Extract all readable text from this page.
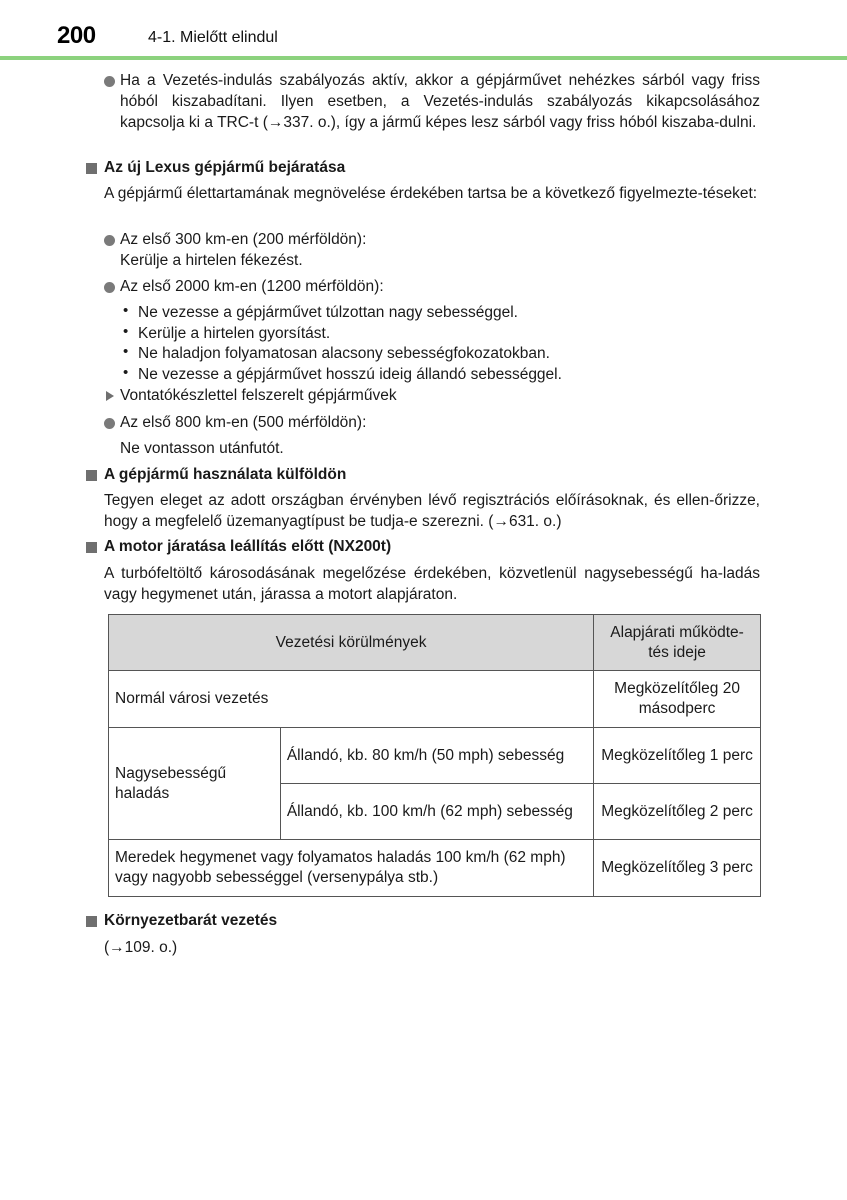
200	4-1. Mielőtt elindul
Ha a Vezetés-indulás szabályozás aktív, akkor a gépjárművet nehézkes sárból vagy friss hóból kiszabadítani. Ilyen esetben, a Vezetés-indulás szabályozás kikapcsolásához kapcsolja ki a TRC-t (→337. o.), így a jármű képes lesz sárból vagy friss hóból kiszaba-dulni.
Az új Lexus gépjármű bejáratása
A gépjármű élettartamának megnövelése érdekében tartsa be a következő figyelmezte-téseket:
Az első 300 km-en (200 mérföldön):
Kerülje a hirtelen fékezést.
Az első 2000 km-en (1200 mérföldön):
• Ne vezesse a gépjárművet túlzottan nagy sebességgel.
• Kerülje a hirtelen gyorsítást.
• Ne haladjon folyamatosan alacsony sebességfokozatokban.
• Ne vezesse a gépjárművet hosszú ideig állandó sebességgel.
Vontatókészlettel felszerelt gépjárművek
Az első 800 km-en (500 mérföldön):
Ne vontasson utánfutót.
A gépjármű használata külföldön
Tegyen eleget az adott országban érvényben lévő regisztrációs előírásoknak, és ellen-őrizze, hogy a megfelelő üzemanyagtípust be tudja-e szerezni. (→631. o.)
A motor járatása leállítás előtt (NX200t)
A turbófeltöltő károsodásának megelőzése érdekében, közvetlenül nagysebességű ha-ladás vagy hegymenet után, járassa a motort alapjáraton.
Vezetési körülmények		Alapjárati működte-tés ideje
Normál városi vezetés		Megközelítőleg 20 másodperc
Nagysebességű haladás	Állandó, kb. 80 km/h (50 mph) sebesség	Megközelítőleg 1 perc
	Állandó, kb. 100 km/h (62 mph) sebesség	Megközelítőleg 2 perc
Meredek hegymenet vagy folyamatos haladás 100 km/h (62 mph) vagy nagyobb sebességgel (versenypálya stb.)		Megközelítőleg 3 perc
Környezetbarát vezetés
(→109. o.)
